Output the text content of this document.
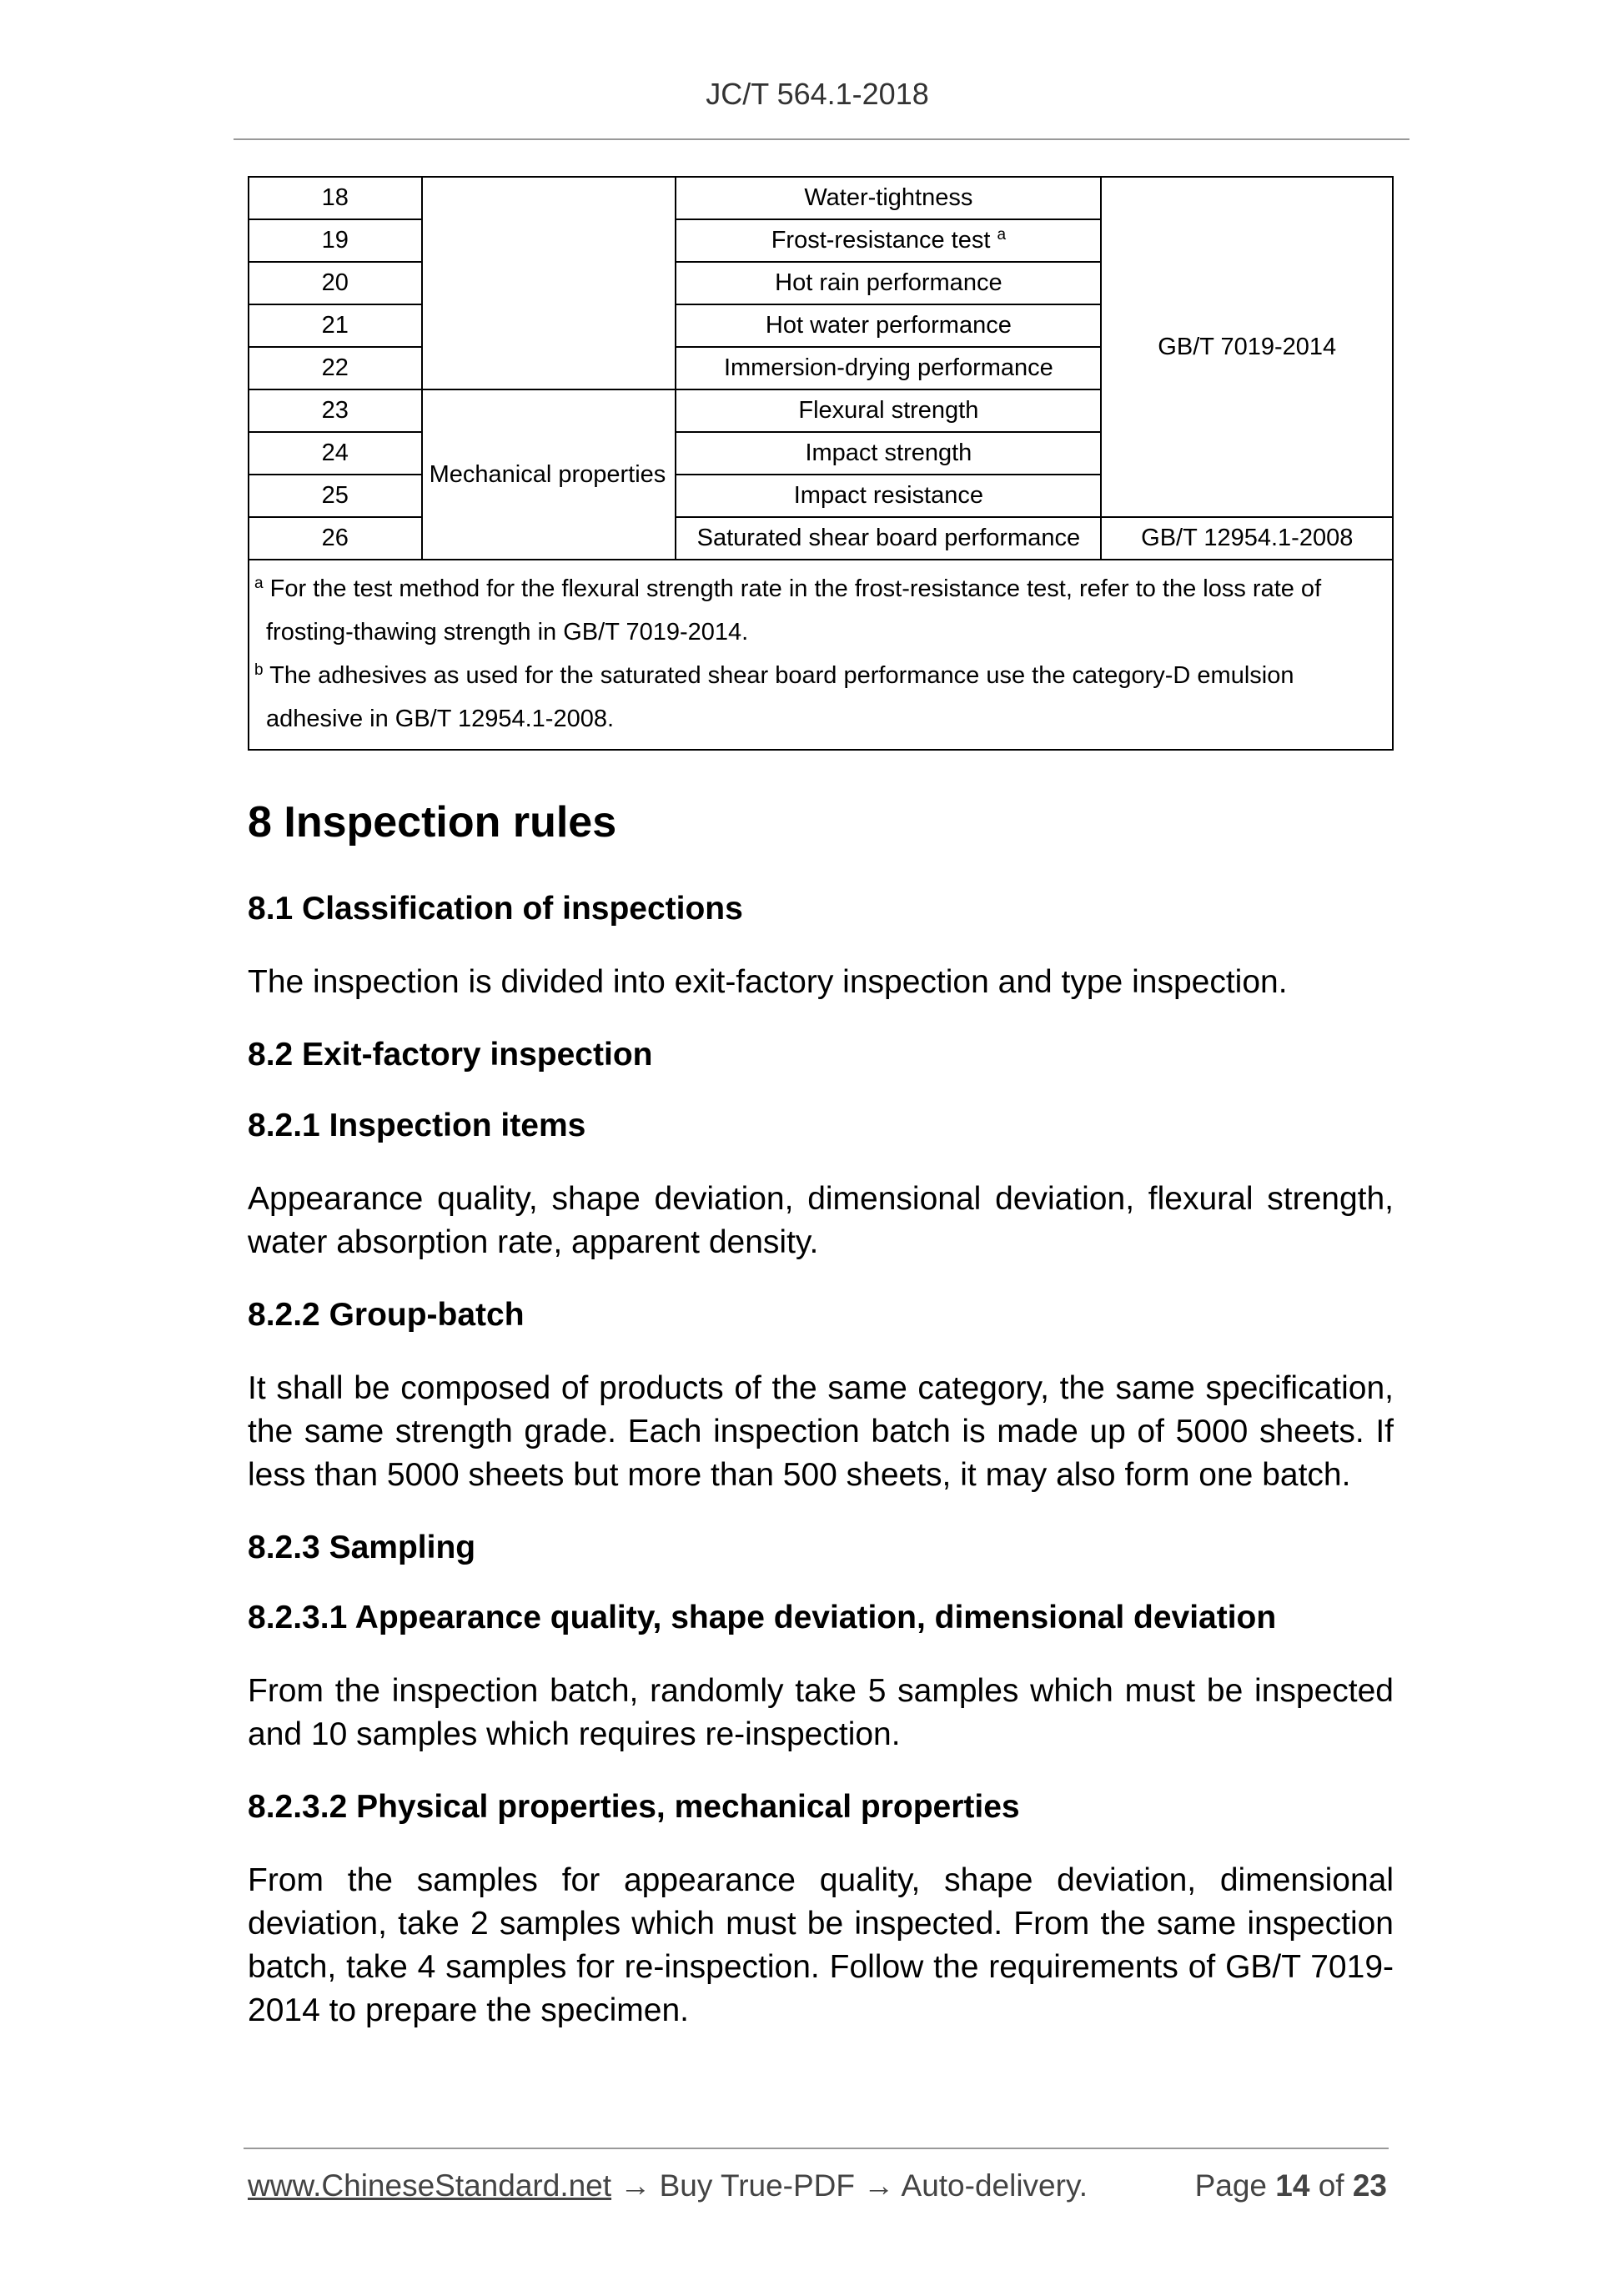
JC/T 564.1-2018
18		Water-tightness	GB/T 7019-2014
19		Frost-resistance test $^a$
20		Hot rain performance	
21		Hot water performance	
22		Immersion-drying performance	
23	Mechanical properties	Flexural strength	
24		Impact strength	
25		Impact resistance	
26		Saturated shear board performance	GB/T 12954.1-2008

$^a$ For the test method for the flexural strength rate in the frost-resistance test, refer to the loss rate of
frosting-thawing strength in GB/T 7019-2014.
$^b$ The adhesives as used for the saturated shear board performance use the category-D emulsion
adhesive in GB/T 12954.1-2008.			
8 Inspection rules
8.1 Classification of inspections

The inspection is divided into exit-factory inspection and type inspection.

8.2 Exit-factory inspection
8.2.1 Inspection items

Appearance quality, shape deviation, dimensional deviation, flexural strength, water absorption rate, apparent density.

8.2.2 Group-batch

It shall be composed of products of the same category, the same specification, the same strength grade. Each inspection batch is made up of 5000 sheets. If less than 5000 sheets but more than 500 sheets, it may also form one batch.

8.2.3 Sampling
8.2.3.1 Appearance quality, shape deviation, dimensional deviation

From the inspection batch, randomly take 5 samples which must be inspected and 10 samples which requires re-inspection.

8.2.3.2 Physical properties, mechanical properties

From the samples for appearance quality, shape deviation, dimensional deviation, take 2 samples which must be inspected. From the same inspection batch, take 4 samples for re-inspection. Follow the requirements of GB/T 7019-2014 to prepare the specimen.

www.ChineseStandard.net → Buy True-PDF → Auto-delivery.	Page 14 of 23
